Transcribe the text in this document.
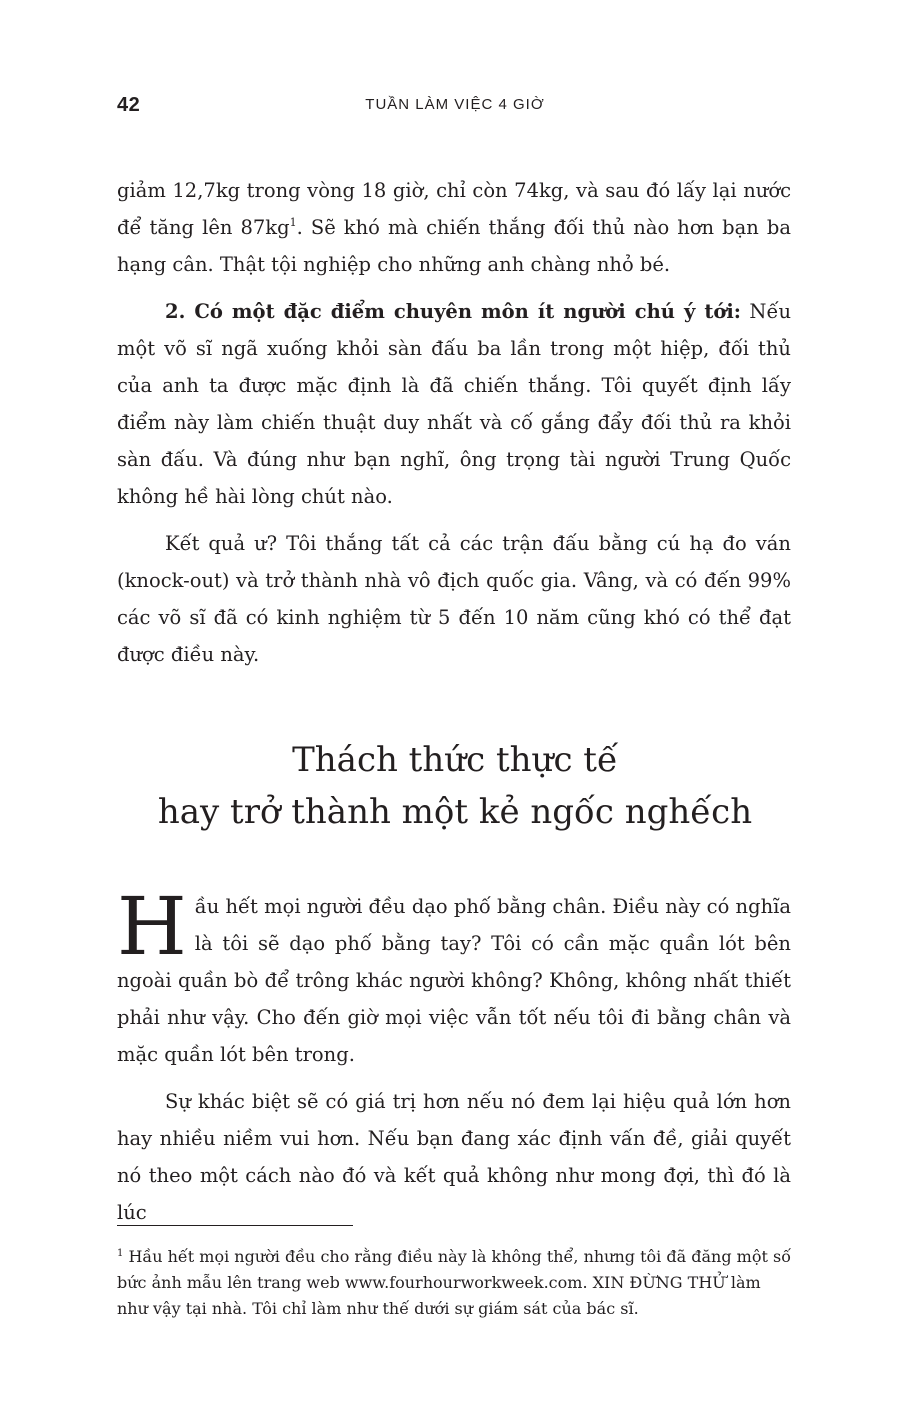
42	TUẦN LÀM VIỆC 4 GIỜ

giảm 12,7kg trong vòng 18 giờ, chỉ còn 74kg, và sau đó lấy lại nước để tăng lên $87kg^1$. Sẽ khó mà chiến thắng đối thủ nào hơn bạn ba hạng cân. Thật tội nghiệp cho những anh chàng nhỏ bé.

2. Có một đặc điểm chuyên môn ít người chú ý tới: Nếu một võ sĩ ngã xuống khỏi sàn đấu ba lần trong một hiệp, đối thủ của anh ta được mặc định là đã chiến thắng. Tôi quyết định lấy điểm này làm chiến thuật duy nhất và cố gắng đẩy đối thủ ra khỏi sàn đấu. Và đúng như bạn nghĩ, ông trọng tài người Trung Quốc không hề hài lòng chút nào.

Kết quả ư? Tôi thắng tất cả các trận đấu bằng cú hạ đo ván (knock-out) và trở thành nhà vô địch quốc gia. Vâng, và có đến 99% các võ sĩ đã có kinh nghiệm từ 5 đến 10 năm cũng khó có thể đạt được điều này.

Thách thức thực tế
hay trở thành một kẻ ngốc nghếch

Hầu hết mọi người đều dạo phố bằng chân. Điều này có nghĩa là tôi sẽ dạo phố bằng tay? Tôi có cần mặc quần lót bên ngoài quần bò để trông khác người không? Không, không nhất thiết phải như vậy. Cho đến giờ mọi việc vẫn tốt nếu tôi đi bằng chân và mặc quần lót bên trong.

Sự khác biệt sẽ có giá trị hơn nếu nó đem lại hiệu quả lớn hơn hay nhiều niềm vui hơn. Nếu bạn đang xác định vấn đề, giải quyết nó theo một cách nào đó và kết quả không như mong đợi, thì đó là lúc

$^1$ Hầu hết mọi người đều cho rằng điều này là không thể, nhưng tôi đã đăng một số bức ảnh mẫu lên trang web www.fourhourworkweek.com. XIN ĐỪNG THỬ làm như vậy tại nhà. Tôi chỉ làm như thế dưới sự giám sát của bác sĩ.
